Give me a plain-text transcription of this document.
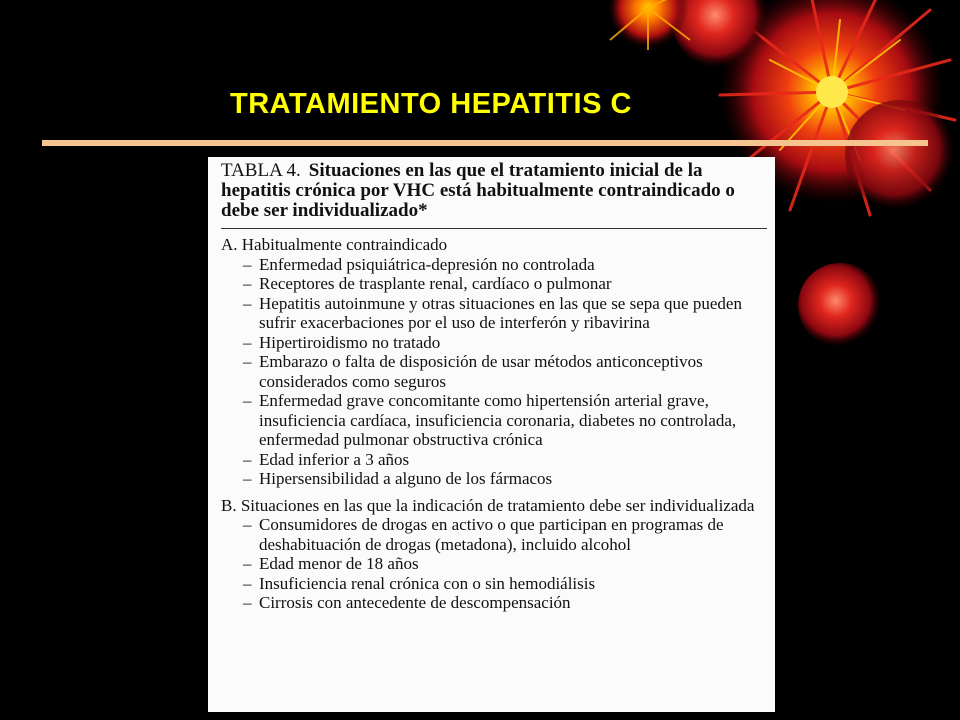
TRATAMIENTO HEPATITIS C

TABLA 4. Situaciones en las que el tratamiento inicial de la hepatitis crónica por VHC está habitualmente contraindicado o debe ser individualizado*

A. Habitualmente contraindicado
– Enfermedad psiquiátrica-depresión no controlada
– Receptores de trasplante renal, cardíaco o pulmonar
– Hepatitis autoinmune y otras situaciones en las que se sepa que pueden sufrir exacerbaciones por el uso de interferón y ribavirina
– Hipertiroidismo no tratado
– Embarazo o falta de disposición de usar métodos anticonceptivos considerados como seguros
– Enfermedad grave concomitante como hipertensión arterial grave, insuficiencia cardíaca, insuficiencia coronaria, diabetes no controlada, enfermedad pulmonar obstructiva crónica
– Edad inferior a 3 años
– Hipersensibilidad a alguno de los fármacos
B. Situaciones en las que la indicación de tratamiento debe ser individualizada
– Consumidores de drogas en activo o que participan en programas de deshabituación de drogas (metadona), incluido alcohol
– Edad menor de 18 años
– Insuficiencia renal crónica con o sin hemodiálisis
– Cirrosis con antecedente de descompensación
